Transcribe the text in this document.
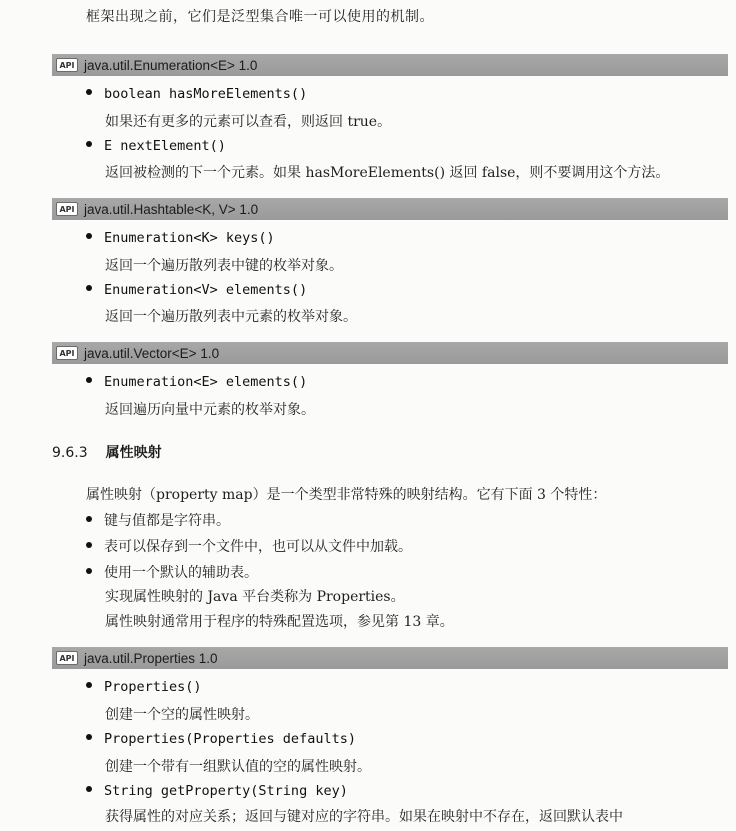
框架出现之前，它们是泛型集合唯一可以使用的机制。
API java.util.Enumeration<E> 1.0
boolean hasMoreElements()
如果还有更多的元素可以查看，则返回 true。
E nextElement()
返回被检测的下一个元素。如果 hasMoreElements() 返回 false，则不要调用这个方法。
API java.util.Hashtable<K, V> 1.0
Enumeration<K> keys()
返回一个遍历散列表中键的枚举对象。
Enumeration<V> elements()
返回一个遍历散列表中元素的枚举对象。
API java.util.Vector<E> 1.0
Enumeration<E> elements()
返回遍历向量中元素的枚举对象。
9.6.3 属性映射
属性映射（property map）是一个类型非常特殊的映射结构。它有下面 3 个特性：
键与值都是字符串。
表可以保存到一个文件中，也可以从文件中加载。
使用一个默认的辅助表。
实现属性映射的 Java 平台类称为 Properties。
属性映射通常用于程序的特殊配置选项，参见第 13 章。
API java.util.Properties 1.0
Properties()
创建一个空的属性映射。
Properties(Properties defaults)
创建一个带有一组默认值的空的属性映射。
String getProperty(String key)
获得属性的对应关系；返回与键对应的字符串。如果在映射中不存在，返回默认表中
